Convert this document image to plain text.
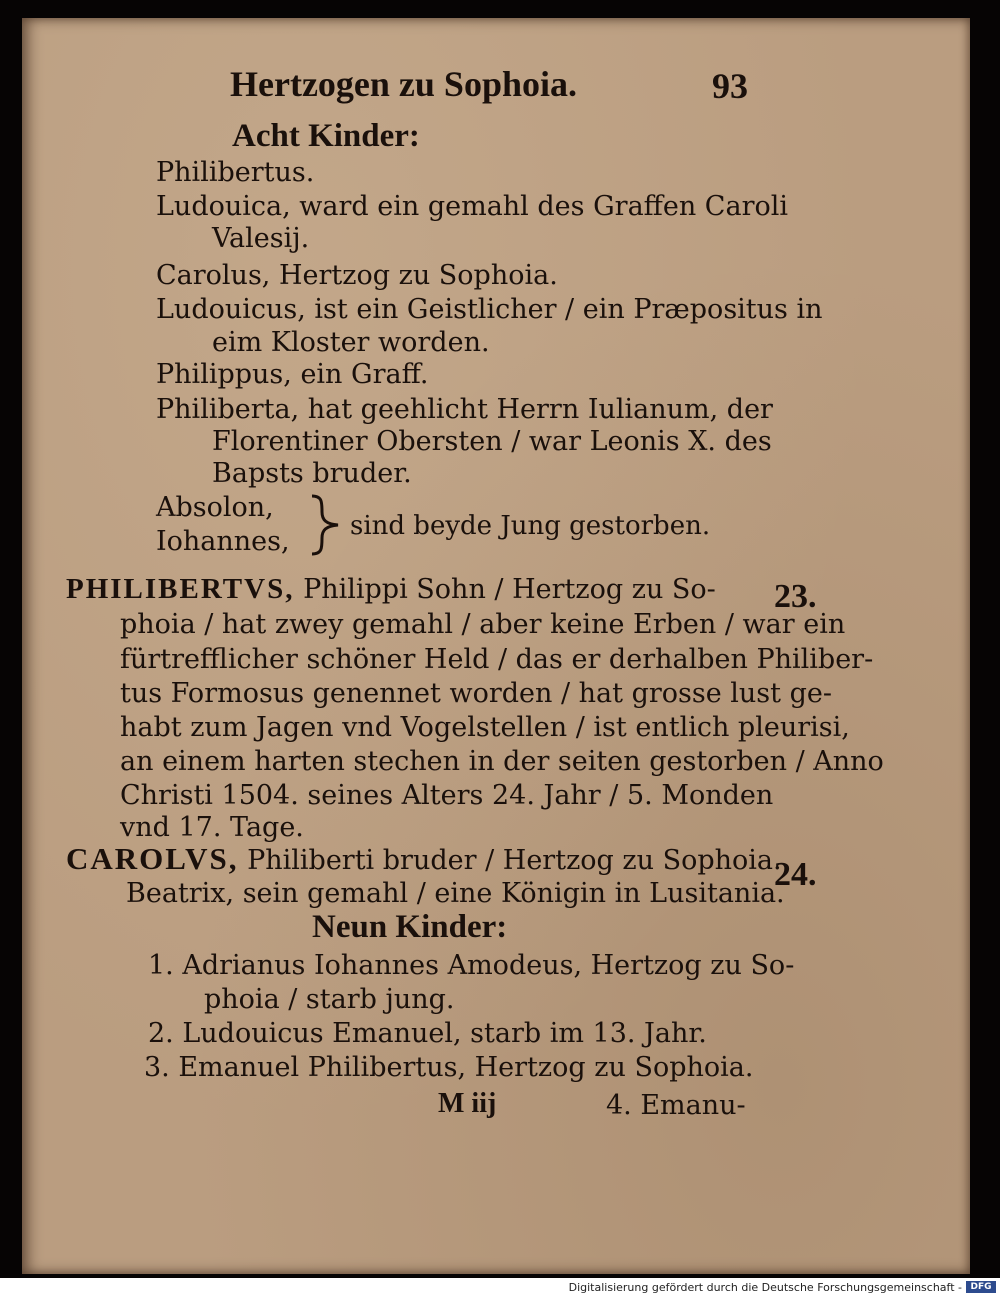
Hertzogen zu Sophoia.	93
Acht Kinder:
Philibertus.
Ludouica, ward ein gemahl des Graffen Caroli
Valesij.
Carolus, Hertzog zu Sophoia.
Ludouicus, ist ein Geistlicher / ein Præpositus in
eim Kloster worden.
Philippus, ein Graff.
Philiberta, hat geehlicht Herrn Iulianum, der
Florentiner Obersten / war Leonis X. des
Bapsts bruder.
Absolon,
Iohannes, sind beyde Jung gestorben.
PHILIBERTVS, Philippi Sohn / Hertzog zu So- 23.
phoia / hat zwey gemahl / aber keine Erben / war ein
fürtrefflicher schöner Held / das er derhalben Philiber-
tus Formosus genennet worden / hat grosse lust ge-
habt zum Jagen vnd Vogelstellen / ist entlich pleurisi,
an einem harten stechen in der seiten gestorben / Anno
Christi 1504. seines Alters 24. Jahr / 5. Monden
vnd 17. Tage.
CAROLVS, Philiberti bruder / Hertzog zu Sophoia.
24.
Beatrix, sein gemahl / eine Königin in Lusitania.
Neun Kinder:
1. Adrianus Iohannes Amodeus, Hertzog zu So-
phoia / starb jung.
2. Ludouicus Emanuel, starb im 13. Jahr.
3. Emanuel Philibertus, Hertzog zu Sophoia.
M iij	4. Emanu-
Digitalisierung gefördert durch die Deutsche Forschungsgemeinschaft - DFG
